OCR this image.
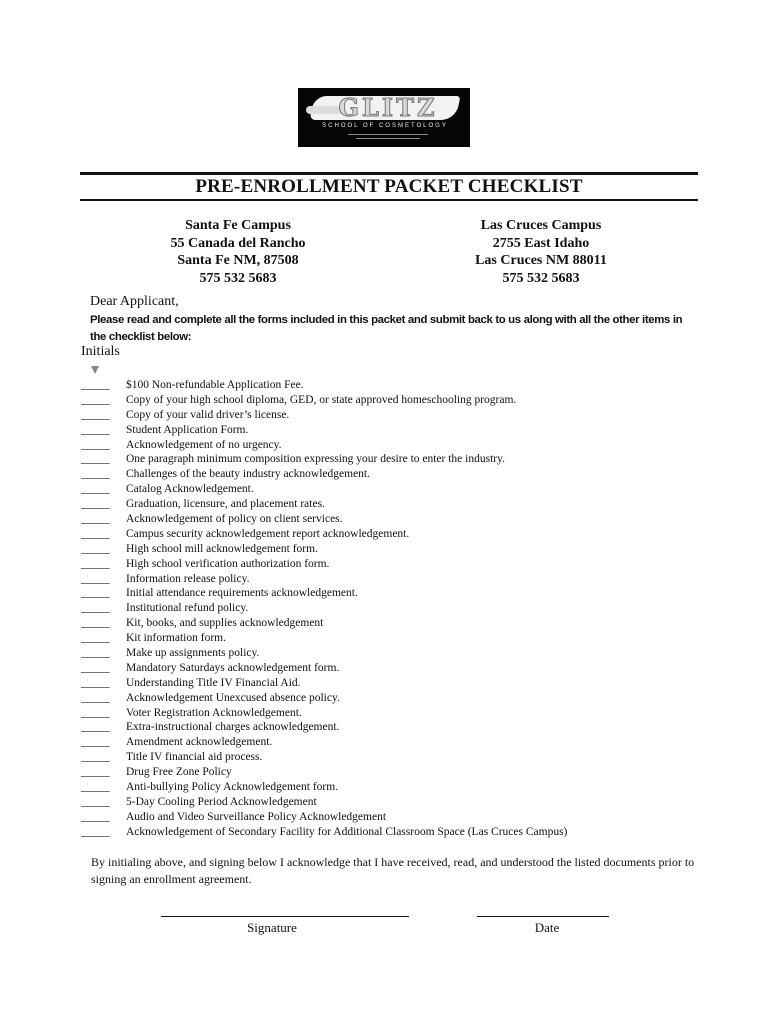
GLITZ
SCHOOL OF COSMETOLOGY
PRE-ENROLLMENT PACKET CHECKLIST
Santa Fe Campus
55 Canada del Rancho
Santa Fe NM, 87508
575 532 5683
Las Cruces Campus
2755 East Idaho
Las Cruces NM 88011
575 532 5683
Dear Applicant,
Please read and complete all the forms included in this packet and submit back to us along with all the other items in the checklist below:
Initials
_____ $100 Non-refundable Application Fee.
_____ Copy of your high school diploma, GED, or state approved homeschooling program.
_____ Copy of your valid driver’s license.
_____ Student Application Form.
_____ Acknowledgement of no urgency.
_____ One paragraph minimum composition expressing your desire to enter the industry.
_____ Challenges of the beauty industry acknowledgement.
_____ Catalog Acknowledgement.
_____ Graduation, licensure, and placement rates.
_____ Acknowledgement of policy on client services.
_____ Campus security acknowledgement report acknowledgement.
_____ High school mill acknowledgement form.
_____ High school verification authorization form.
_____ Information release policy.
_____ Initial attendance requirements acknowledgement.
_____ Institutional refund policy.
_____ Kit, books, and supplies acknowledgement
_____ Kit information form.
_____ Make up assignments policy.
_____ Mandatory Saturdays acknowledgement form.
_____ Understanding Title IV Financial Aid.
_____ Acknowledgement Unexcused absence policy.
_____ Voter Registration Acknowledgement.
_____ Extra-instructional charges acknowledgement.
_____ Amendment acknowledgement.
_____ Title IV financial aid process.
_____ Drug Free Zone Policy
_____ Anti-bullying Policy Acknowledgement form.
_____ 5-Day Cooling Period Acknowledgement
_____ Audio and Video Surveillance Policy Acknowledgement
_____ Acknowledgement of Secondary Facility for Additional Classroom Space (Las Cruces Campus)
By initialing above, and signing below I acknowledge that I have received, read, and understood the listed documents prior to signing an enrollment agreement.
Signature	Date
